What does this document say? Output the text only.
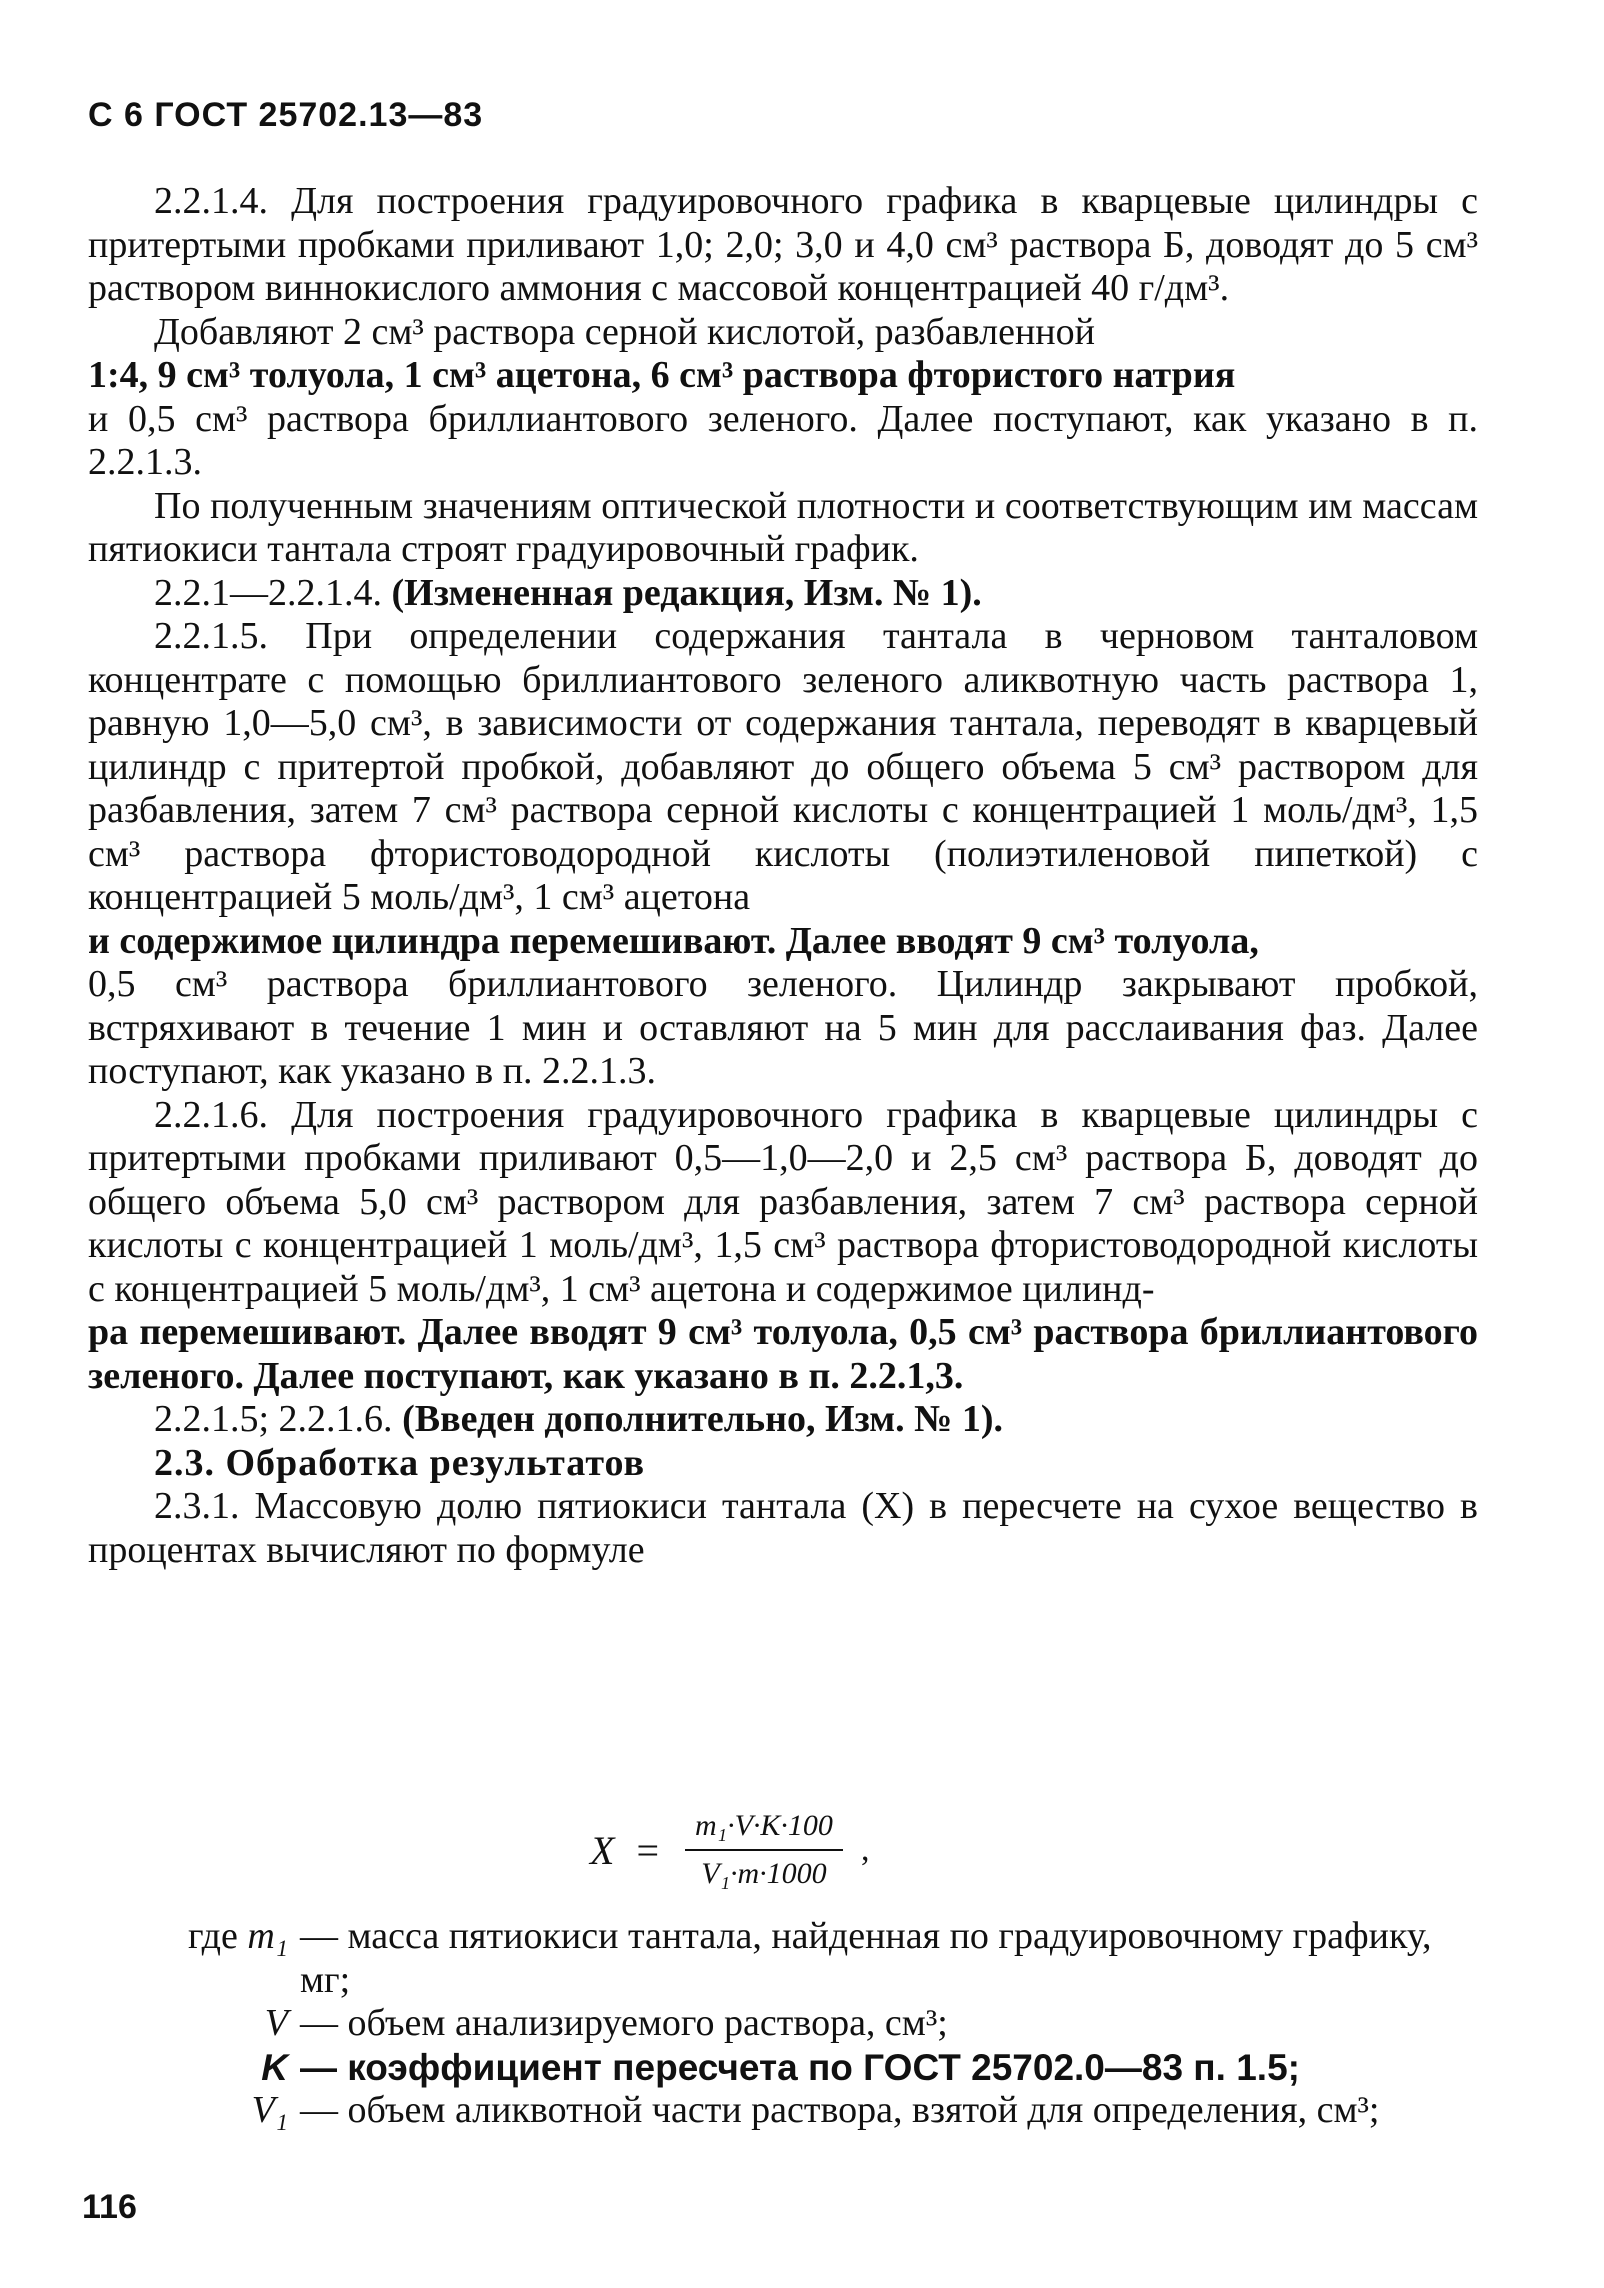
С 6 ГОСТ 25702.13—83

2.2.1.4. Для построения градуировочного графика в кварцевые цилиндры с притертыми пробками приливают 1,0; 2,0; 3,0 и 4,0 см³ раствора Б, доводят до 5 см³ раствором виннокислого аммония с массовой концентрацией 40 г/дм³.

Добавляют 2 см³ раствора серной кислотой, разбавленной

1:4, 9 см³ толуола, 1 см³ ацетона, 6 см³ раствора фтористого натрия

и 0,5 см³ раствора бриллиантового зеленого. Далее поступают, как указано в п. 2.2.1.3.

По полученным значениям оптической плотности и соответствующим им массам пятиокиси тантала строят градуировочный график.

2.2.1—2.2.1.4. (Измененная редакция, Изм. № 1).

2.2.1.5. При определении содержания тантала в черновом танталовом концентрате с помощью бриллиантового зеленого аликвотную часть раствора 1, равную 1,0—5,0 см³, в зависимости от содержания тантала, переводят в кварцевый цилиндр с притертой пробкой, добавляют до общего объема 5 см³ раствором для разбавления, затем 7 см³ раствора серной кислоты с концентрацией 1 моль/дм³, 1,5 см³ раствора фтористоводородной кислоты (полиэтиленовой пипеткой) с концентрацией 5 моль/дм³, 1 см³ ацетона

и содержимое цилиндра перемешивают. Далее вводят 9 см³ толуола,

0,5 см³ раствора бриллиантового зеленого. Цилиндр закрывают пробкой, встряхивают в течение 1 мин и оставляют на 5 мин для расслаивания фаз. Далее поступают, как указано в п. 2.2.1.3.

2.2.1.6. Для построения градуировочного графика в кварцевые цилиндры с притертыми пробками приливают 0,5—1,0—2,0 и 2,5 см³ раствора Б, доводят до общего объема 5,0 см³ раствором для разбавления, затем 7 см³ раствора серной кислоты с концентрацией 1 моль/дм³, 1,5 см³ раствора фтористоводородной кислоты с концентрацией 5 моль/дм³, 1 см³ ацетона и содержимое цилинд-

ра перемешивают. Далее вводят 9 см³ толуола, 0,5 см³ раствора бриллиантового зеленого. Далее поступают, как указано в п. 2.2.1,3.

2.2.1.5; 2.2.1.6. (Введен дополнительно, Изм. № 1).

2.3. Обработка результатов

2.3.1. Массовую долю пятиокиси тантала (X) в пересчете на сухое вещество в процентах вычисляют по формуле

$X = \frac{\text{m₁·V·K·100}}{\text{V₁·m·1000}}$ ,
где m₁ — масса пятиокиси тантала, найденная по градуировочному графику, мг;
V — объем анализируемого раствора, см³;
K — коэффициент пересчета по ГОСТ 25702.0—83 п. 1.5;
V₁ — объем аликвотной части раствора, взятой для определения, см³;
116
